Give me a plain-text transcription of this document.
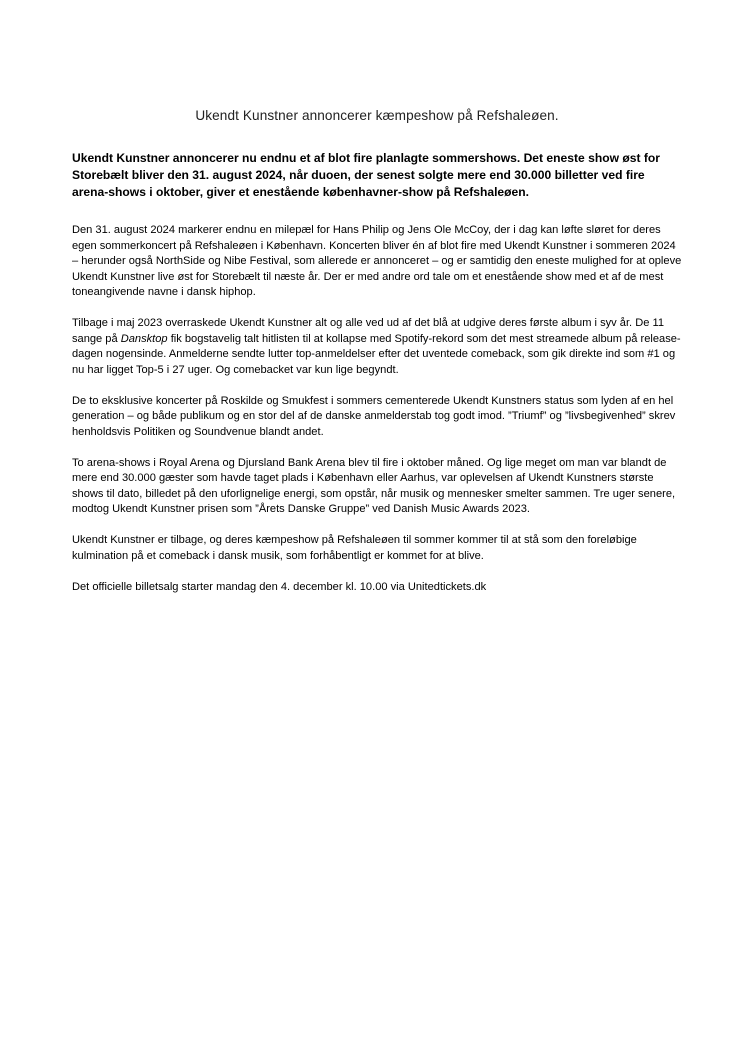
Ukendt Kunstner annoncerer kæmpeshow på Refshaleøen.
Ukendt Kunstner annoncerer nu endnu et af blot fire planlagte sommershows. Det eneste show øst for Storebælt bliver den 31. august 2024, når duoen, der senest solgte mere end 30.000 billetter ved fire arena-shows i oktober, giver et enestående københavner-show på Refshaleøen.

Den 31. august 2024 markerer endnu en milepæl for Hans Philip og Jens Ole McCoy, der i dag kan løfte sløret for deres egen sommerkoncert på Refshaleøen i København. Koncerten bliver én af blot fire med Ukendt Kunstner i sommeren 2024 – herunder også NorthSide og Nibe Festival, som allerede er annonceret – og er samtidig den eneste mulighed for at opleve Ukendt Kunstner live øst for Storebælt til næste år. Der er med andre ord tale om et enestående show med et af de mest toneangivende navne i dansk hiphop.

Tilbage i maj 2023 overraskede Ukendt Kunstner alt og alle ved ud af det blå at udgive deres første album i syv år. De 11 sange på Dansktop fik bogstavelig talt hitlisten til at kollapse med Spotify-rekord som det mest streamede album på release-dagen nogensinde. Anmelderne sendte lutter top-anmeldelser efter det uventede comeback, som gik direkte ind som #1 og nu har ligget Top-5 i 27 uger. Og comebacket var kun lige begyndt.

De to eksklusive koncerter på Roskilde og Smukfest i sommers cementerede Ukendt Kunstners status som lyden af en hel generation – og både publikum og en stor del af de danske anmelderstab tog godt imod. ”Triumf” og ”livsbegivenhed” skrev henholdsvis Politiken og Soundvenue blandt andet.

To arena-shows i Royal Arena og Djursland Bank Arena blev til fire i oktober måned. Og lige meget om man var blandt de mere end 30.000 gæster som havde taget plads i København eller Aarhus, var oplevelsen af Ukendt Kunstners største shows til dato, billedet på den uforlignelige energi, som opstår, når musik og mennesker smelter sammen. Tre uger senere, modtog Ukendt Kunstner prisen som ”Årets Danske Gruppe” ved Danish Music Awards 2023.

Ukendt Kunstner er tilbage, og deres kæmpeshow på Refshaleøen til sommer kommer til at stå som den foreløbige kulmination på et comeback i dansk musik, som forhåbentligt er kommet for at blive.

Det officielle billetsalg starter mandag den 4. december kl. 10.00 via Unitedtickets.dk
